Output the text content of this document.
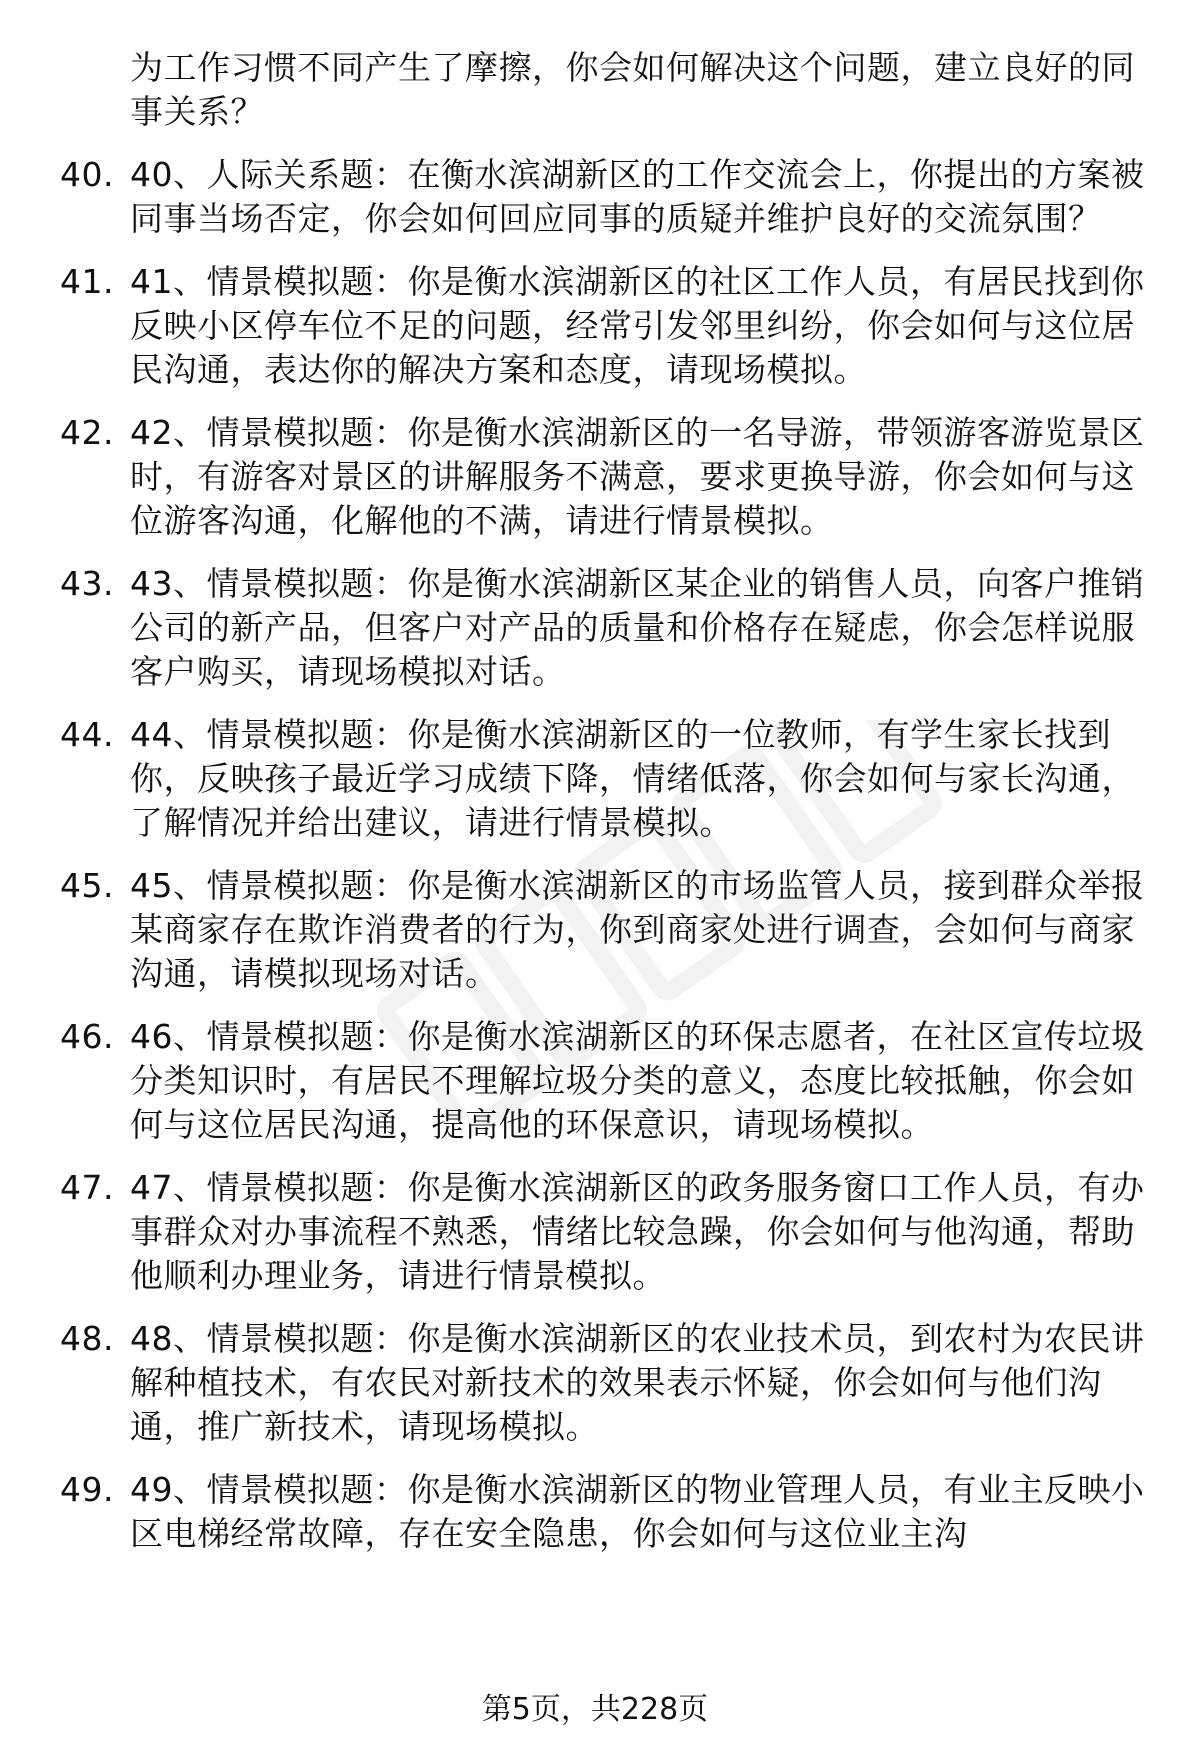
为工作习惯不同产生了摩擦，你会如何解决这个问题，建立良好的同事关系？
40. 40、人际关系题：在衡水滨湖新区的工作交流会上，你提出的方案被同事当场否定，你会如何回应同事的质疑并维护良好的交流氛围？
41. 41、情景模拟题：你是衡水滨湖新区的社区工作人员，有居民找到你反映小区停车位不足的问题，经常引发邻里纠纷，你会如何与这位居民沟通，表达你的解决方案和态度，请现场模拟。
42. 42、情景模拟题：你是衡水滨湖新区的一名导游，带领游客游览景区时，有游客对景区的讲解服务不满意，要求更换导游，你会如何与这位游客沟通，化解他的不满，请进行情景模拟。
43. 43、情景模拟题：你是衡水滨湖新区某企业的销售人员，向客户推销公司的新产品，但客户对产品的质量和价格存在疑虑，你会怎样说服客户购买，请现场模拟对话。
44. 44、情景模拟题：你是衡水滨湖新区的一位教师，有学生家长找到你，反映孩子最近学习成绩下降，情绪低落，你会如何与家长沟通，了解情况并给出建议，请进行情景模拟。
45. 45、情景模拟题：你是衡水滨湖新区的市场监管人员，接到群众举报某商家存在欺诈消费者的行为，你到商家处进行调查，会如何与商家沟通，请模拟现场对话。
46. 46、情景模拟题：你是衡水滨湖新区的环保志愿者，在社区宣传垃圾分类知识时，有居民不理解垃圾分类的意义，态度比较抵触，你会如何与这位居民沟通，提高他的环保意识，请现场模拟。
47. 47、情景模拟题：你是衡水滨湖新区的政务服务窗口工作人员，有办事群众对办事流程不熟悉，情绪比较急躁，你会如何与他沟通，帮助他顺利办理业务，请进行情景模拟。
48. 48、情景模拟题：你是衡水滨湖新区的农业技术员，到农村为农民讲解种植技术，有农民对新技术的效果表示怀疑，你会如何与他们沟通，推广新技术，请现场模拟。
49. 49、情景模拟题：你是衡水滨湖新区的物业管理人员，有业主反映小区电梯经常故障，存在安全隐患，你会如何与这位业主沟
第5页，共228页
